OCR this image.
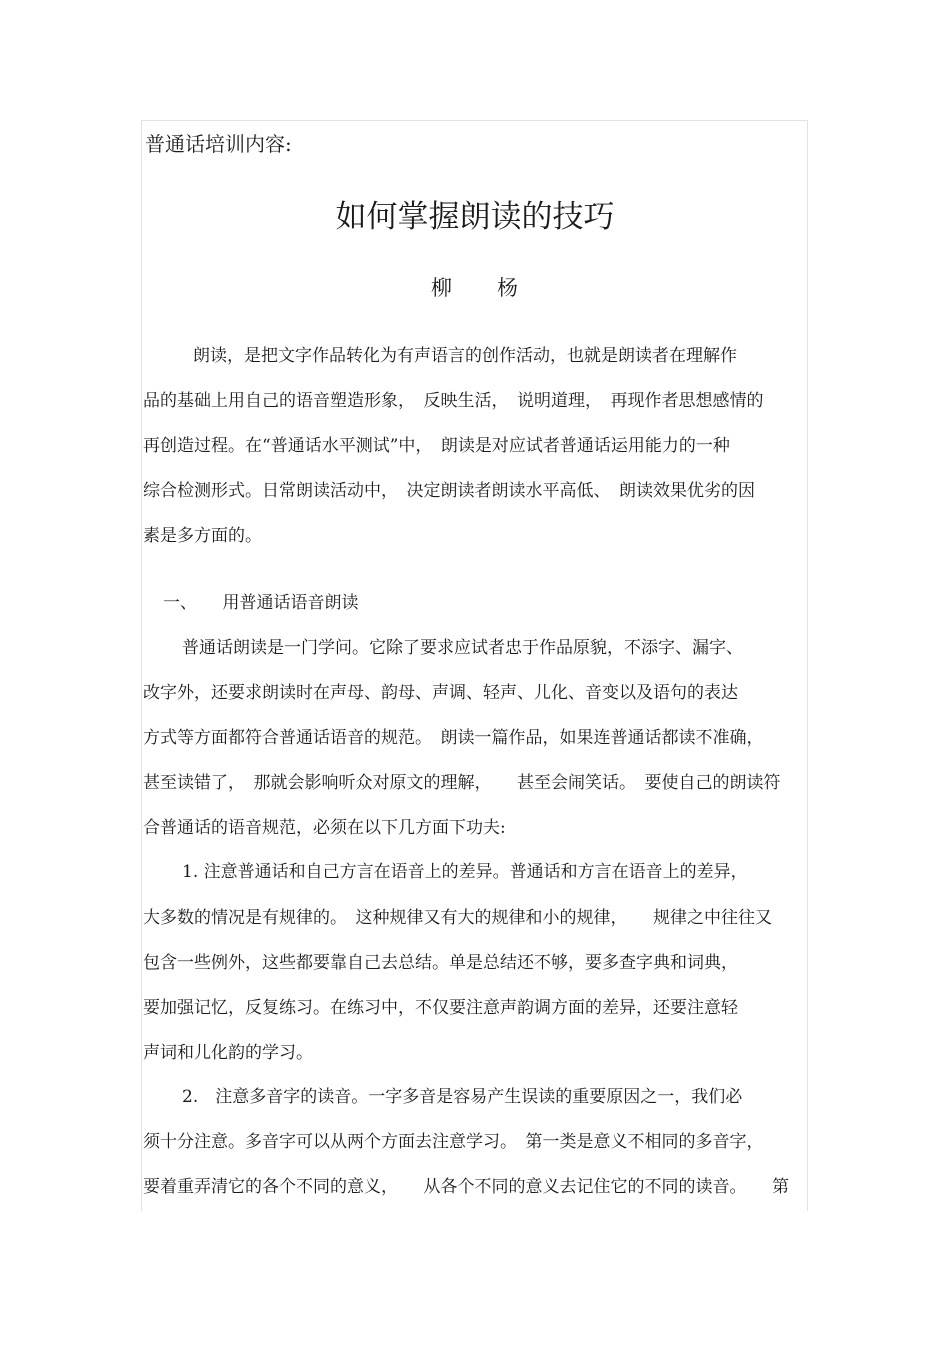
普通话培训内容:
如何掌握朗读的技巧
柳　　杨
朗读，是把文字作品转化为有声语言的创作活动，也就是朗读者在理解作
品的基础上用自己的语音塑造形象，　反映生活，　说明道理，　再现作者思想感情的
再创造过程。在“普通话水平测试”中，　朗读是对应试者普通话运用能力的一种
综合检测形式。日常朗读活动中，　决定朗读者朗读水平高低、　朗读效果优劣的因
素是多方面的。
一、　　用普通话语音朗读
普通话朗读是一门学问。它除了要求应试者忠于作品原貌，不添字、漏字、
改字外，还要求朗读时在声母、韵母、声调、轻声、儿化、音变以及语句的表达
方式等方面都符合普通话语音的规范。　朗读一篇作品，如果连普通话都读不准确，
甚至读错了，　那就会影响听众对原文的理解，　　甚至会闹笑话。　要使自己的朗读符
合普通话的语音规范，必须在以下几方面下功夫:
1. 注意普通话和自己方言在语音上的差异。普通话和方言在语音上的差异，
大多数的情况是有规律的。　这种规律又有大的规律和小的规律，　　规律之中往往又
包含一些例外，这些都要靠自己去总结。单是总结还不够，要多查字典和词典，
要加强记忆，反复练习。在练习中，不仅要注意声韵调方面的差异，还要注意轻
声词和儿化韵的学习。
2.　注意多音字的读音。一字多音是容易产生误读的重要原因之一，我们必
须十分注意。多音字可以从两个方面去注意学习。　第一类是意义不相同的多音字，
要着重弄清它的各个不同的意义，　　从各个不同的意义去记住它的不同的读音。　　第
